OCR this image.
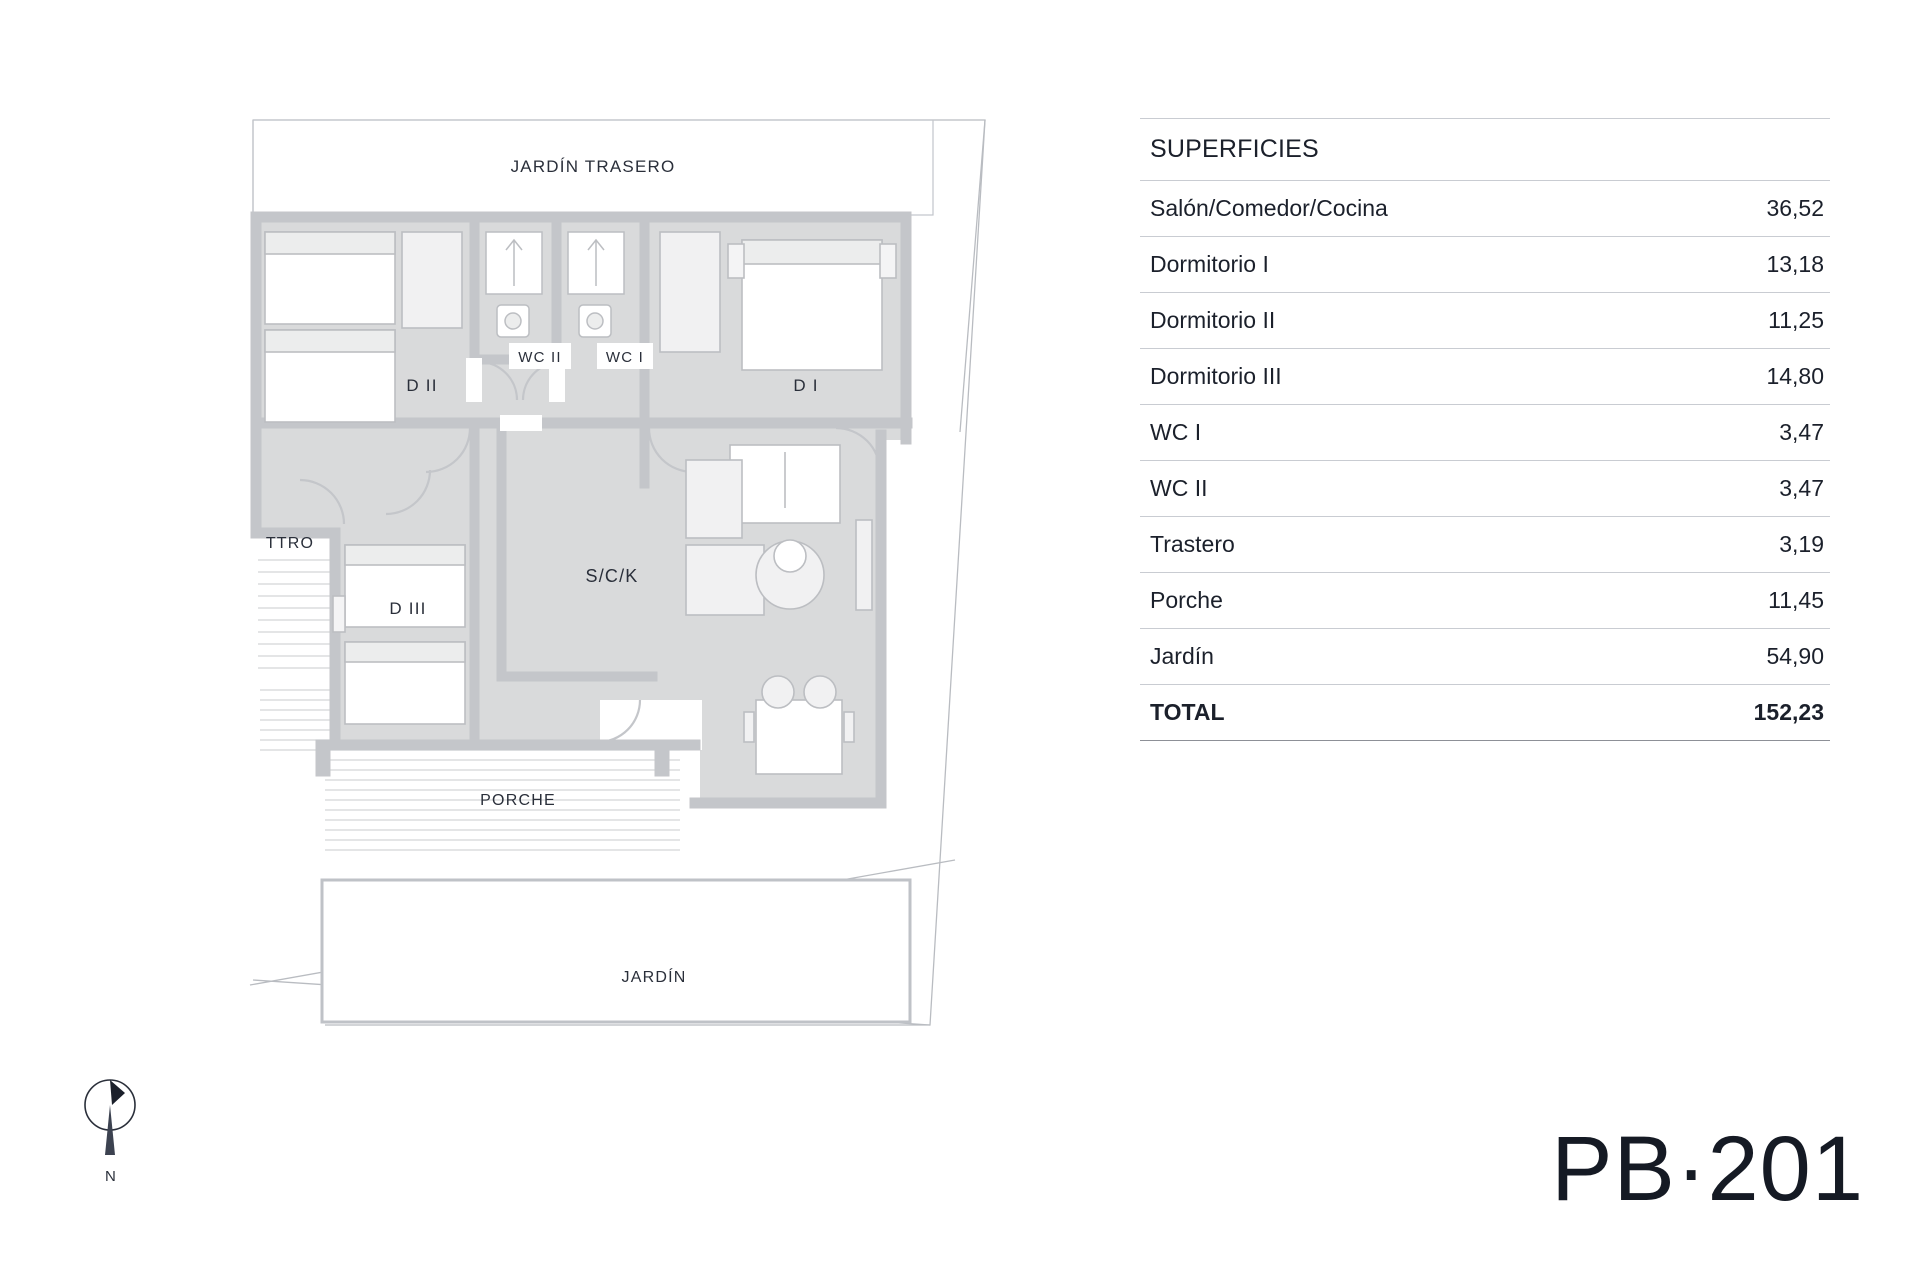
JARDÍN TRASERO
D II	D I
WC II	WC I
S/C/K
TTRO
D III
PORCHE
JARDÍN
SUPERFICIES
Salón/Comedor/Cocina	36,52
Dormitorio I	13,18
Dormitorio II	11,25
Dormitorio III	14,80
WC I	3,47
WC II	3,47
Trastero	3,19
Porche	11,45
Jardín	54,90
TOTAL	152,23
PB·201
N
